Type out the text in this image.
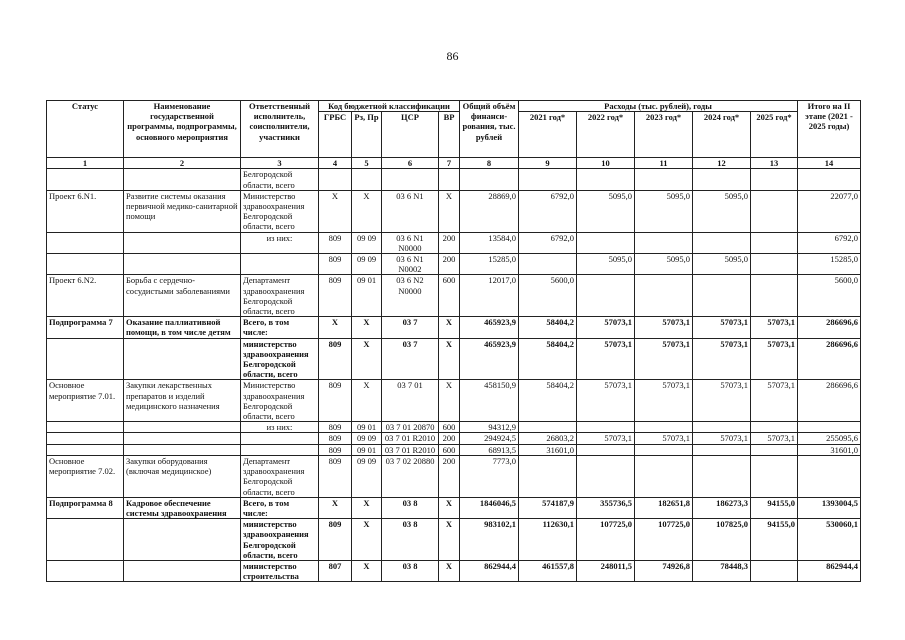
86
Статус	Наименование государственной программы, подпрограммы, основного мероприятия	Ответственный исполнитель, соисполнители, участники	Код бюджетной классификации				Общий объём финанси-рования, тыс. рублей	Расходы (тыс. рублей), годы					Итого на II этапе (2021 - 2025 годы)
			ГРБС	Рз, Пр	ЦСР	ВР		2021 год*	2022 год*	2023 год*	2024 год*	2025 год*	
1	2	3	4	5	6	7	8	9	10	11	12	13	14
		Белгородской области, всего											
Проект 6.N1.	Развитие системы оказания первичной медико-санитарной помощи	Министерство здравоохранения Белгородской области, всего	Х	Х	03 6 N1	Х	28869,0	6792,0	5095,0	5095,0	5095,0		22077,0
		из них:	809	09 09	03 6 N1 N0000	200	13584,0	6792,0					6792,0
			809	09 09	03 6 N1 N0002	200	15285,0		5095,0	5095,0	5095,0		15285,0
Проект 6.N2.	Борьба с сердечно-сосудистыми заболеваниями	Департамент здравоохранения Белгородской области, всего	809	09 01	03 6 N2 N0000	600	12017,0	5600,0					5600,0
Подпрограмма 7	Оказание паллиативной помощи, в том числе детям	Всего, в том числе:	Х	Х	03 7	Х	465923,9	58404,2	57073,1	57073,1	57073,1	57073,1	286696,6
		министерство здравоохранения Белгородской области, всего	809	Х	03 7	Х	465923,9	58404,2	57073,1	57073,1	57073,1	57073,1	286696,6
Основное мероприятие 7.01.	Закупки лекарственных препаратов и изделий медицинского назначения	Министерство здравоохранения Белгородской области, всего	809	Х	03 7 01	Х	458150,9	58404,2	57073,1	57073,1	57073,1	57073,1	286696,6
		из них:	809	09 01	03 7 01 20870	600	94312,9						
			809	09 09	03 7 01 R2010	200	294924,5	26803,2	57073,1	57073,1	57073,1	57073,1	255095,6
			809	09 01	03 7 01 R2010	600	68913,5	31601,0					31601,0
Основное мероприятие 7.02.	Закупки оборудования (включая медицинское)	Департамент здравоохранения Белгородской области, всего	809	09 09	03 7 02 20880	200	7773,0						
Подпрограмма 8	Кадровое обеспечение системы здравоохранения	Всего, в том числе:	Х	Х	03 8	Х	1846046,5	574187,9	355736,5	182651,8	186273,3	94155,0	1393004,5
		министерство здравоохранения Белгородской области, всего	809	Х	03 8	Х	983102,1	112630,1	107725,0	107725,0	107825,0	94155,0	530060,1
		министерство строительства	807	Х	03 8	Х	862944,4	461557,8	248011,5	74926,8	78448,3		862944,4
